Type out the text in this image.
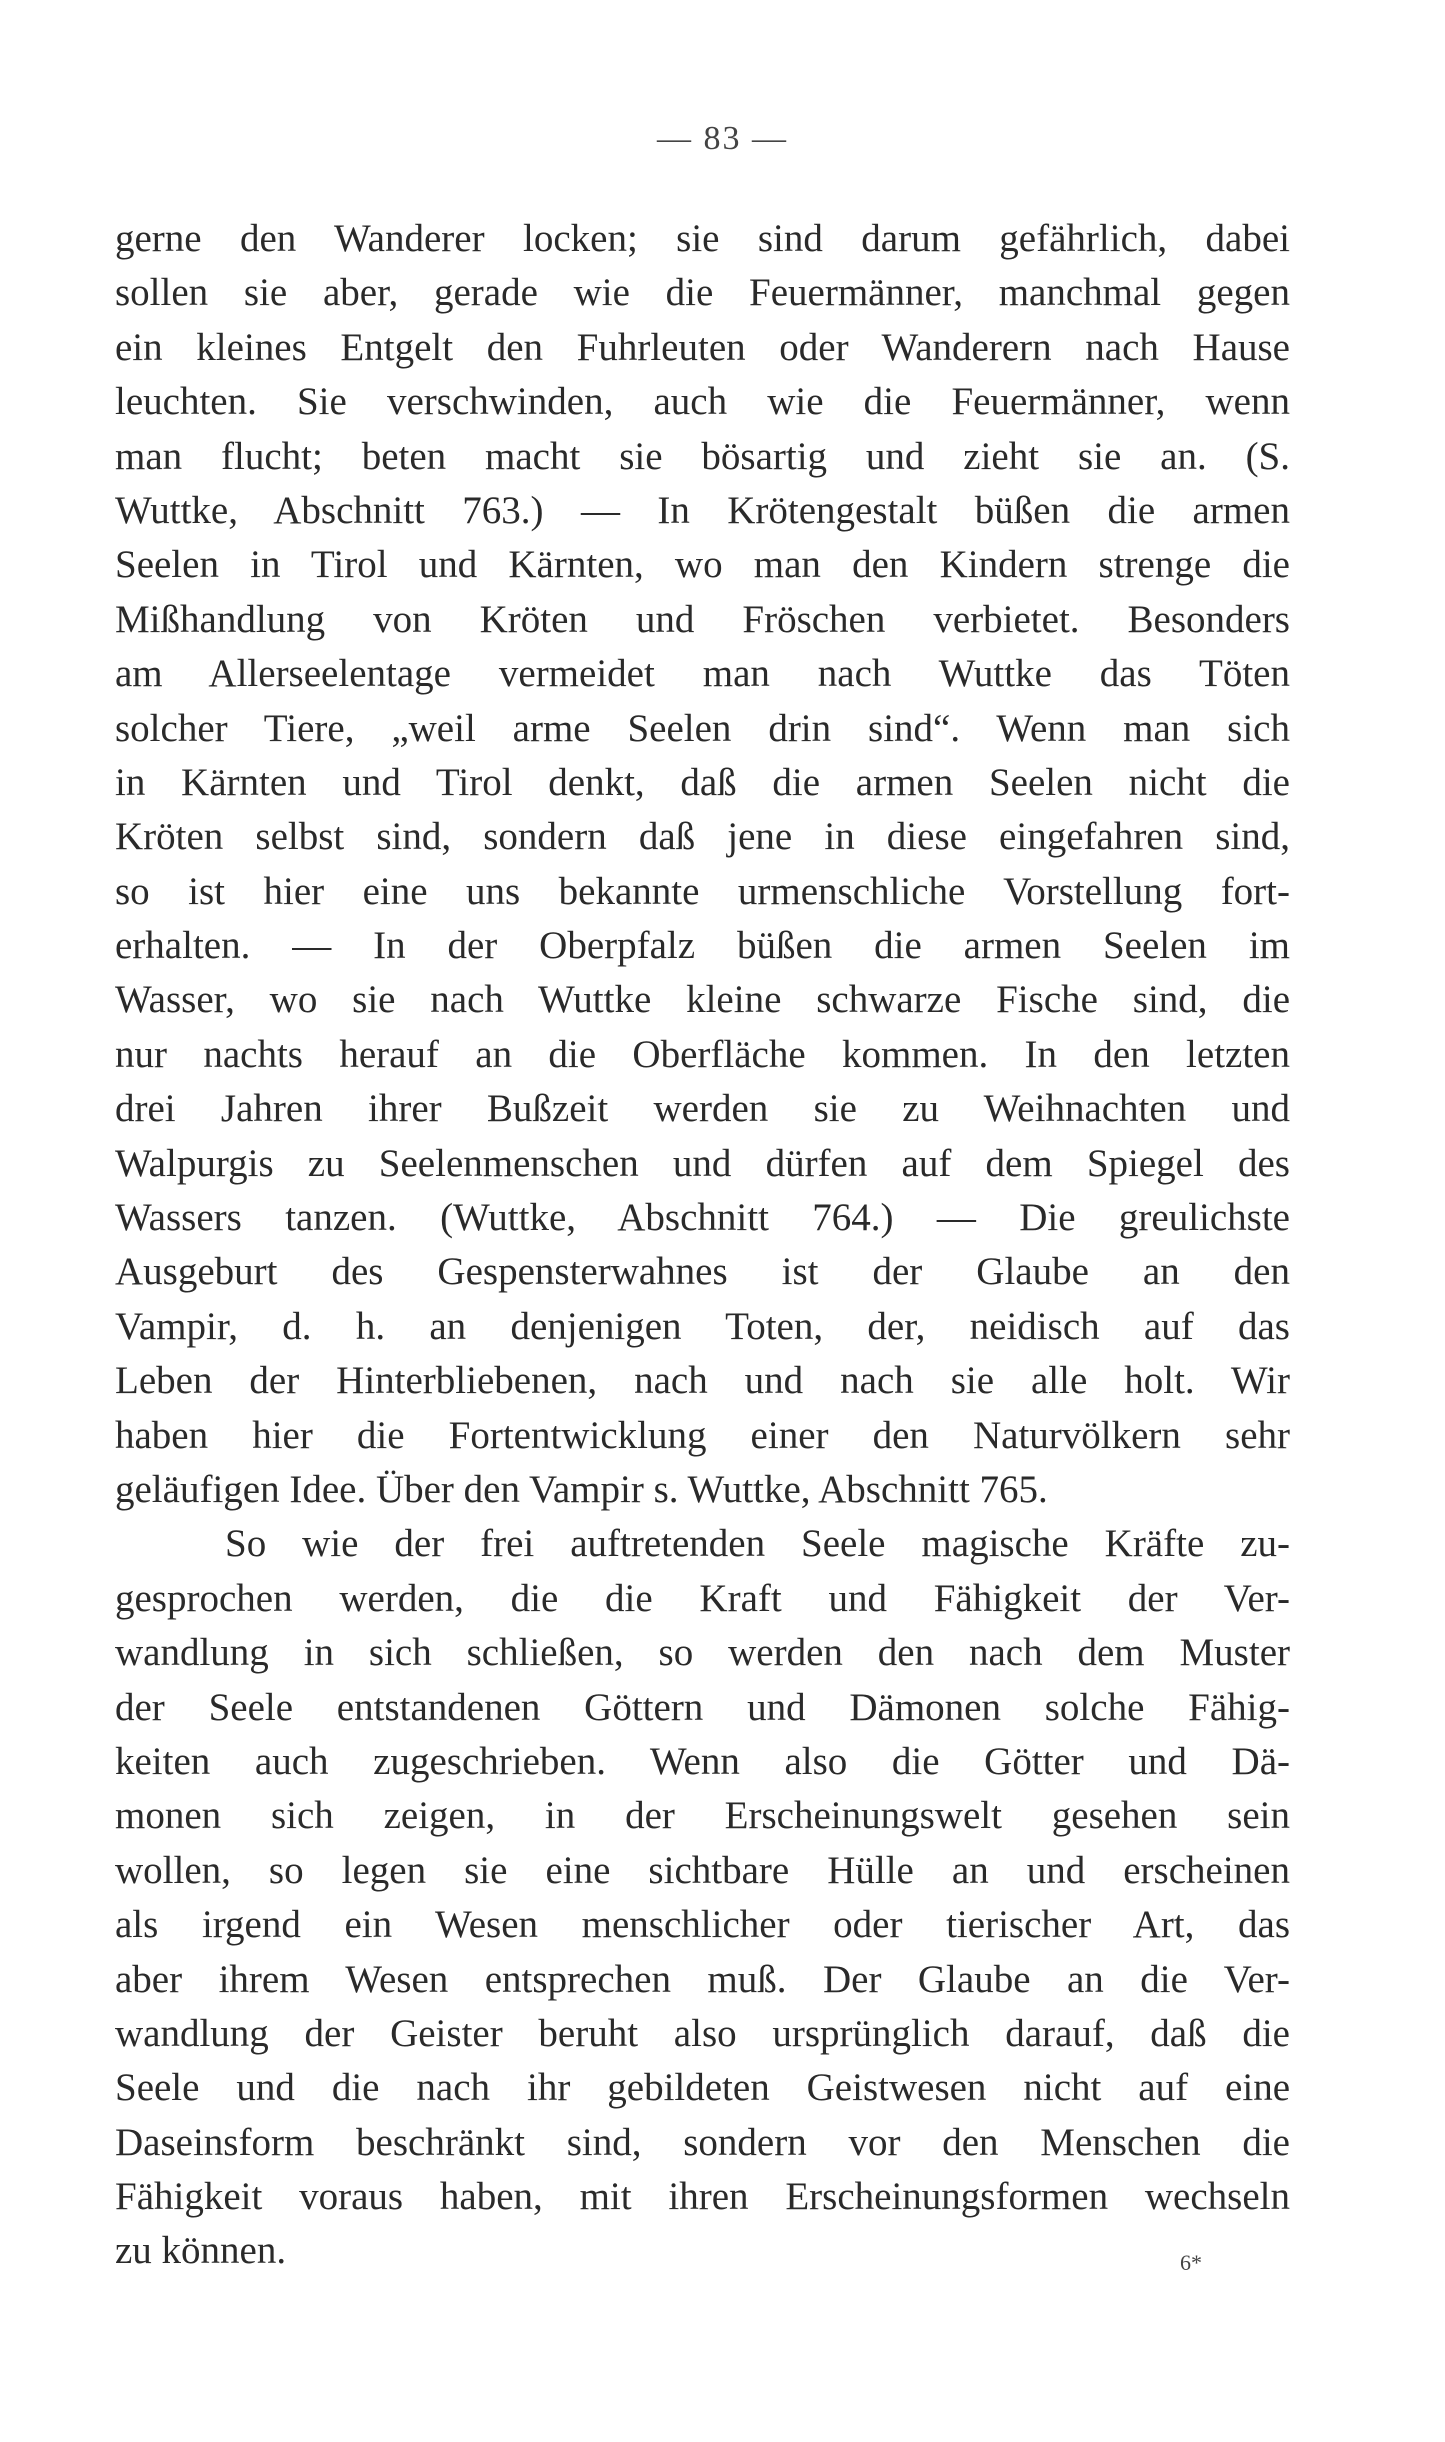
— 83 —
gerne den Wanderer locken; sie sind darum gefährlich, dabei
sollen sie aber, gerade wie die Feuermänner, manchmal gegen
ein kleines Entgelt den Fuhrleuten oder Wanderern nach Hause
leuchten. Sie verschwinden, auch wie die Feuermänner, wenn
man flucht; beten macht sie bösartig und zieht sie an. (S.
Wuttke, Abschnitt 763.) — In Krötengestalt büßen die armen
Seelen in Tirol und Kärnten, wo man den Kindern strenge die
Mißhandlung von Kröten und Fröschen verbietet. Besonders
am Allerseelentage vermeidet man nach Wuttke das Töten
solcher Tiere, „weil arme Seelen drin sind“. Wenn man sich
in Kärnten und Tirol denkt, daß die armen Seelen nicht die
Kröten selbst sind, sondern daß jene in diese eingefahren sind,
so ist hier eine uns bekannte urmenschliche Vorstellung fort-
erhalten. — In der Oberpfalz büßen die armen Seelen im
Wasser, wo sie nach Wuttke kleine schwarze Fische sind, die
nur nachts herauf an die Oberfläche kommen. In den letzten
drei Jahren ihrer Bußzeit werden sie zu Weihnachten und
Walpurgis zu Seelenmenschen und dürfen auf dem Spiegel des
Wassers tanzen. (Wuttke, Abschnitt 764.) — Die greulichste
Ausgeburt des Gespensterwahnes ist der Glaube an den
Vampir, d. h. an denjenigen Toten, der, neidisch auf das
Leben der Hinterbliebenen, nach und nach sie alle holt. Wir
haben hier die Fortentwicklung einer den Naturvölkern sehr
geläufigen Idee. Über den Vampir s. Wuttke, Abschnitt 765.
So wie der frei auftretenden Seele magische Kräfte zu-
gesprochen werden, die die Kraft und Fähigkeit der Ver-
wandlung in sich schließen, so werden den nach dem Muster
der Seele entstandenen Göttern und Dämonen solche Fähig-
keiten auch zugeschrieben. Wenn also die Götter und Dä-
monen sich zeigen, in der Erscheinungswelt gesehen sein
wollen, so legen sie eine sichtbare Hülle an und erscheinen
als irgend ein Wesen menschlicher oder tierischer Art, das
aber ihrem Wesen entsprechen muß. Der Glaube an die Ver-
wandlung der Geister beruht also ursprünglich darauf, daß die
Seele und die nach ihr gebildeten Geistwesen nicht auf eine
Daseinsform beschränkt sind, sondern vor den Menschen die
Fähigkeit voraus haben, mit ihren Erscheinungsformen wechseln
zu können.	6*
